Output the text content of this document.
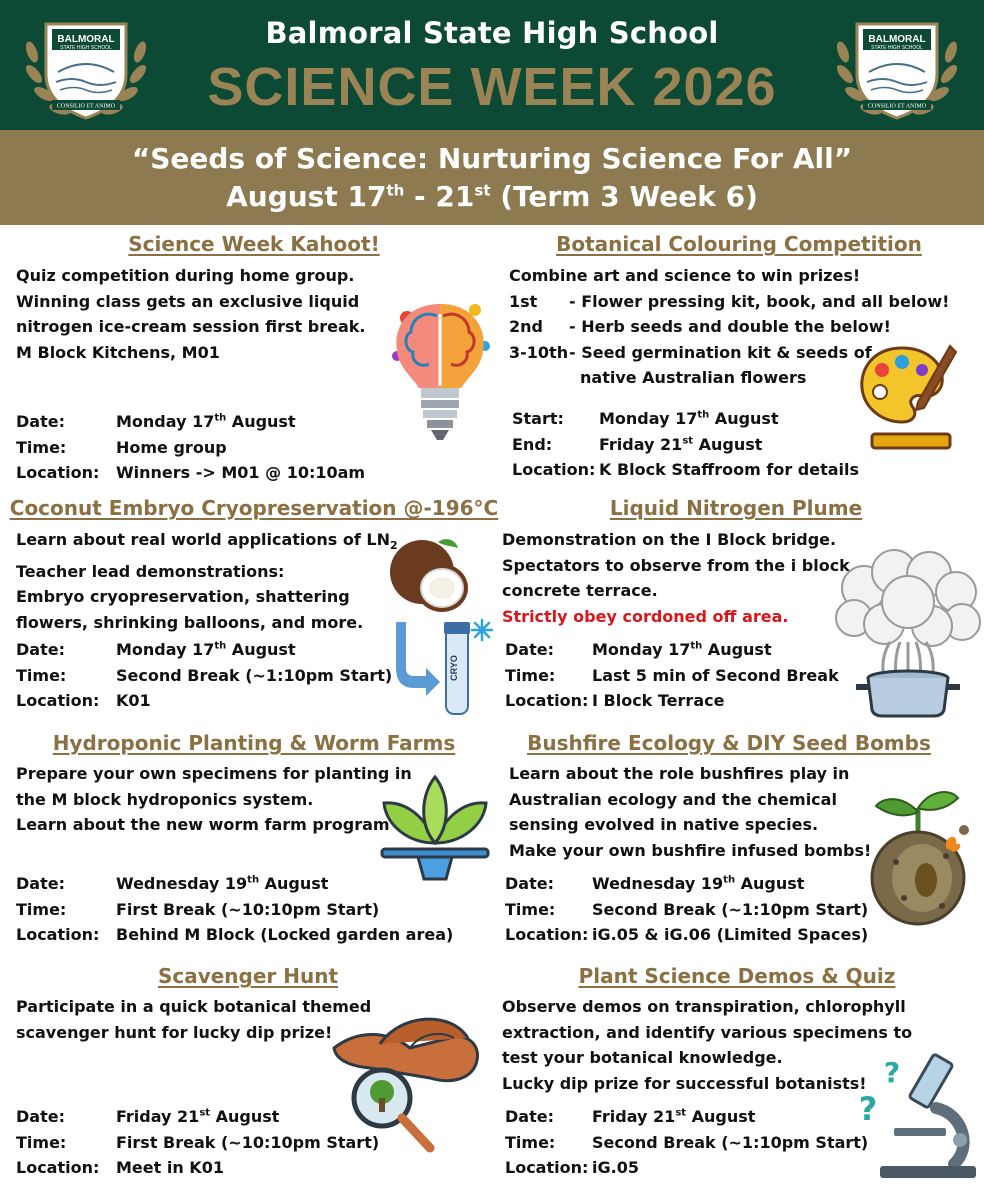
BALMORAL
STATE HIGH SCHOOL
CONSILIO ET ANIMO
Balmoral State High School
SCIENCE WEEK 2026
BALMORAL
STATE HIGH SCHOOL
CONSILIO ET ANIMO
“Seeds of Science: Nurturing Science For All”
August 17th - 21st (Term 3 Week 6)
Science Week Kahoot!
Quiz competition during home group.
Winning class gets an exclusive liquid
nitrogen ice-cream session first break.
M Block Kitchens, M01
Date:	Monday 17th August
Time:	Home group
Location:	Winners -> M01 @ 10:10am
Botanical Colouring Competition
Combine art and science to win prizes!
1st	- Flower pressing kit, book, and all below!
2nd	- Herb seeds and double the below!
3-10th - Seed germination kit & seeds of
native Australian flowers
Start:	Monday 17th August
End:	Friday 21st August
Location: K Block Staffroom for details
Coconut Embryo Cryopreservation @-196°C
Learn about real world applications of $LN_2$
Teacher lead demonstrations:
Embryo cryopreservation, shattering
flowers, shrinking balloons, and more.
Date:	Monday 17th August
Time:	Second Break (~1:10pm Start)
Location:	K01
CRYO
Liquid Nitrogen Plume
Demonstration on the I Block bridge.
Spectators to observe from the i block
concrete terrace.
Strictly obey cordoned off area.
Date:	Monday 17th August
Time:	Last 5 min of Second Break
Location: I Block Terrace
Hydroponic Planting & Worm Farms
Prepare your own specimens for planting in
the M block hydroponics system.
Learn about the new worm farm program
Date:	Wednesday 19th August
Time:	First Break (~10:10pm Start)
Location:	Behind M Block (Locked garden area)
Bushfire Ecology & DIY Seed Bombs
Learn about the role bushfires play in
Australian ecology and the chemical
sensing evolved in native species.
Make your own bushfire infused bombs!
Date:	Wednesday 19th August
Time:	Second Break (~1:10pm Start)
Location: iG.05 & iG.06 (Limited Spaces)
Scavenger Hunt
Participate in a quick botanical themed
scavenger hunt for lucky dip prize!
Date:	Friday 21st August
Time:	First Break (~10:10pm Start)
Location:	Meet in K01
Plant Science Demos & Quiz
Observe demos on transpiration, chlorophyll
extraction, and identify various specimens to
test your botanical knowledge.
Lucky dip prize for successful botanists!
Date:	Friday 21st August
Time:	Second Break (~1:10pm Start)
Location: iG.05
?
?
